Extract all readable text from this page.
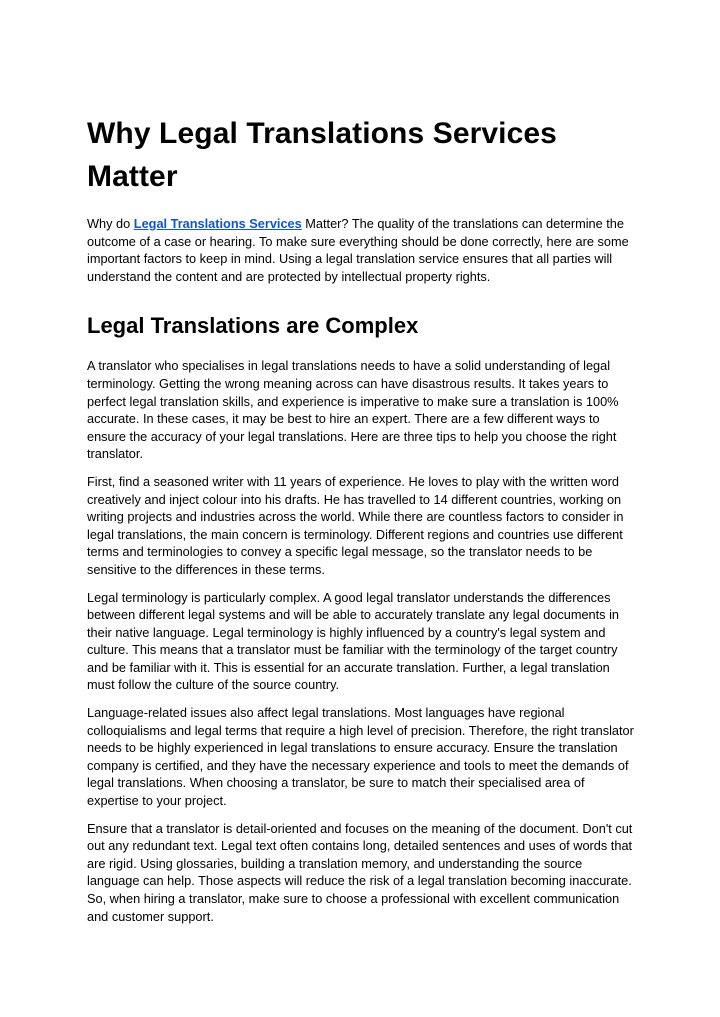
Why Legal Translations Services Matter

Why do Legal Translations Services Matter? The quality of the translations can determine the outcome of a case or hearing. To make sure everything should be done correctly, here are some important factors to keep in mind. Using a legal translation service ensures that all parties will understand the content and are protected by intellectual property rights.

Legal Translations are Complex

A translator who specialises in legal translations needs to have a solid understanding of legal terminology. Getting the wrong meaning across can have disastrous results. It takes years to perfect legal translation skills, and experience is imperative to make sure a translation is 100% accurate. In these cases, it may be best to hire an expert. There are a few different ways to ensure the accuracy of your legal translations. Here are three tips to help you choose the right translator.

First, find a seasoned writer with 11 years of experience. He loves to play with the written word creatively and inject colour into his drafts. He has travelled to 14 different countries, working on writing projects and industries across the world. While there are countless factors to consider in legal translations, the main concern is terminology. Different regions and countries use different terms and terminologies to convey a specific legal message, so the translator needs to be sensitive to the differences in these terms.

Legal terminology is particularly complex. A good legal translator understands the differences between different legal systems and will be able to accurately translate any legal documents in their native language. Legal terminology is highly influenced by a country's legal system and culture. This means that a translator must be familiar with the terminology of the target country and be familiar with it. This is essential for an accurate translation. Further, a legal translation must follow the culture of the source country.

Language-related issues also affect legal translations. Most languages have regional colloquialisms and legal terms that require a high level of precision. Therefore, the right translator needs to be highly experienced in legal translations to ensure accuracy. Ensure the translation company is certified, and they have the necessary experience and tools to meet the demands of legal translations. When choosing a translator, be sure to match their specialised area of expertise to your project.

Ensure that a translator is detail-oriented and focuses on the meaning of the document. Don't cut out any redundant text. Legal text often contains long, detailed sentences and uses of words that are rigid. Using glossaries, building a translation memory, and understanding the source language can help. Those aspects will reduce the risk of a legal translation becoming inaccurate. So, when hiring a translator, make sure to choose a professional with excellent communication and customer support.
